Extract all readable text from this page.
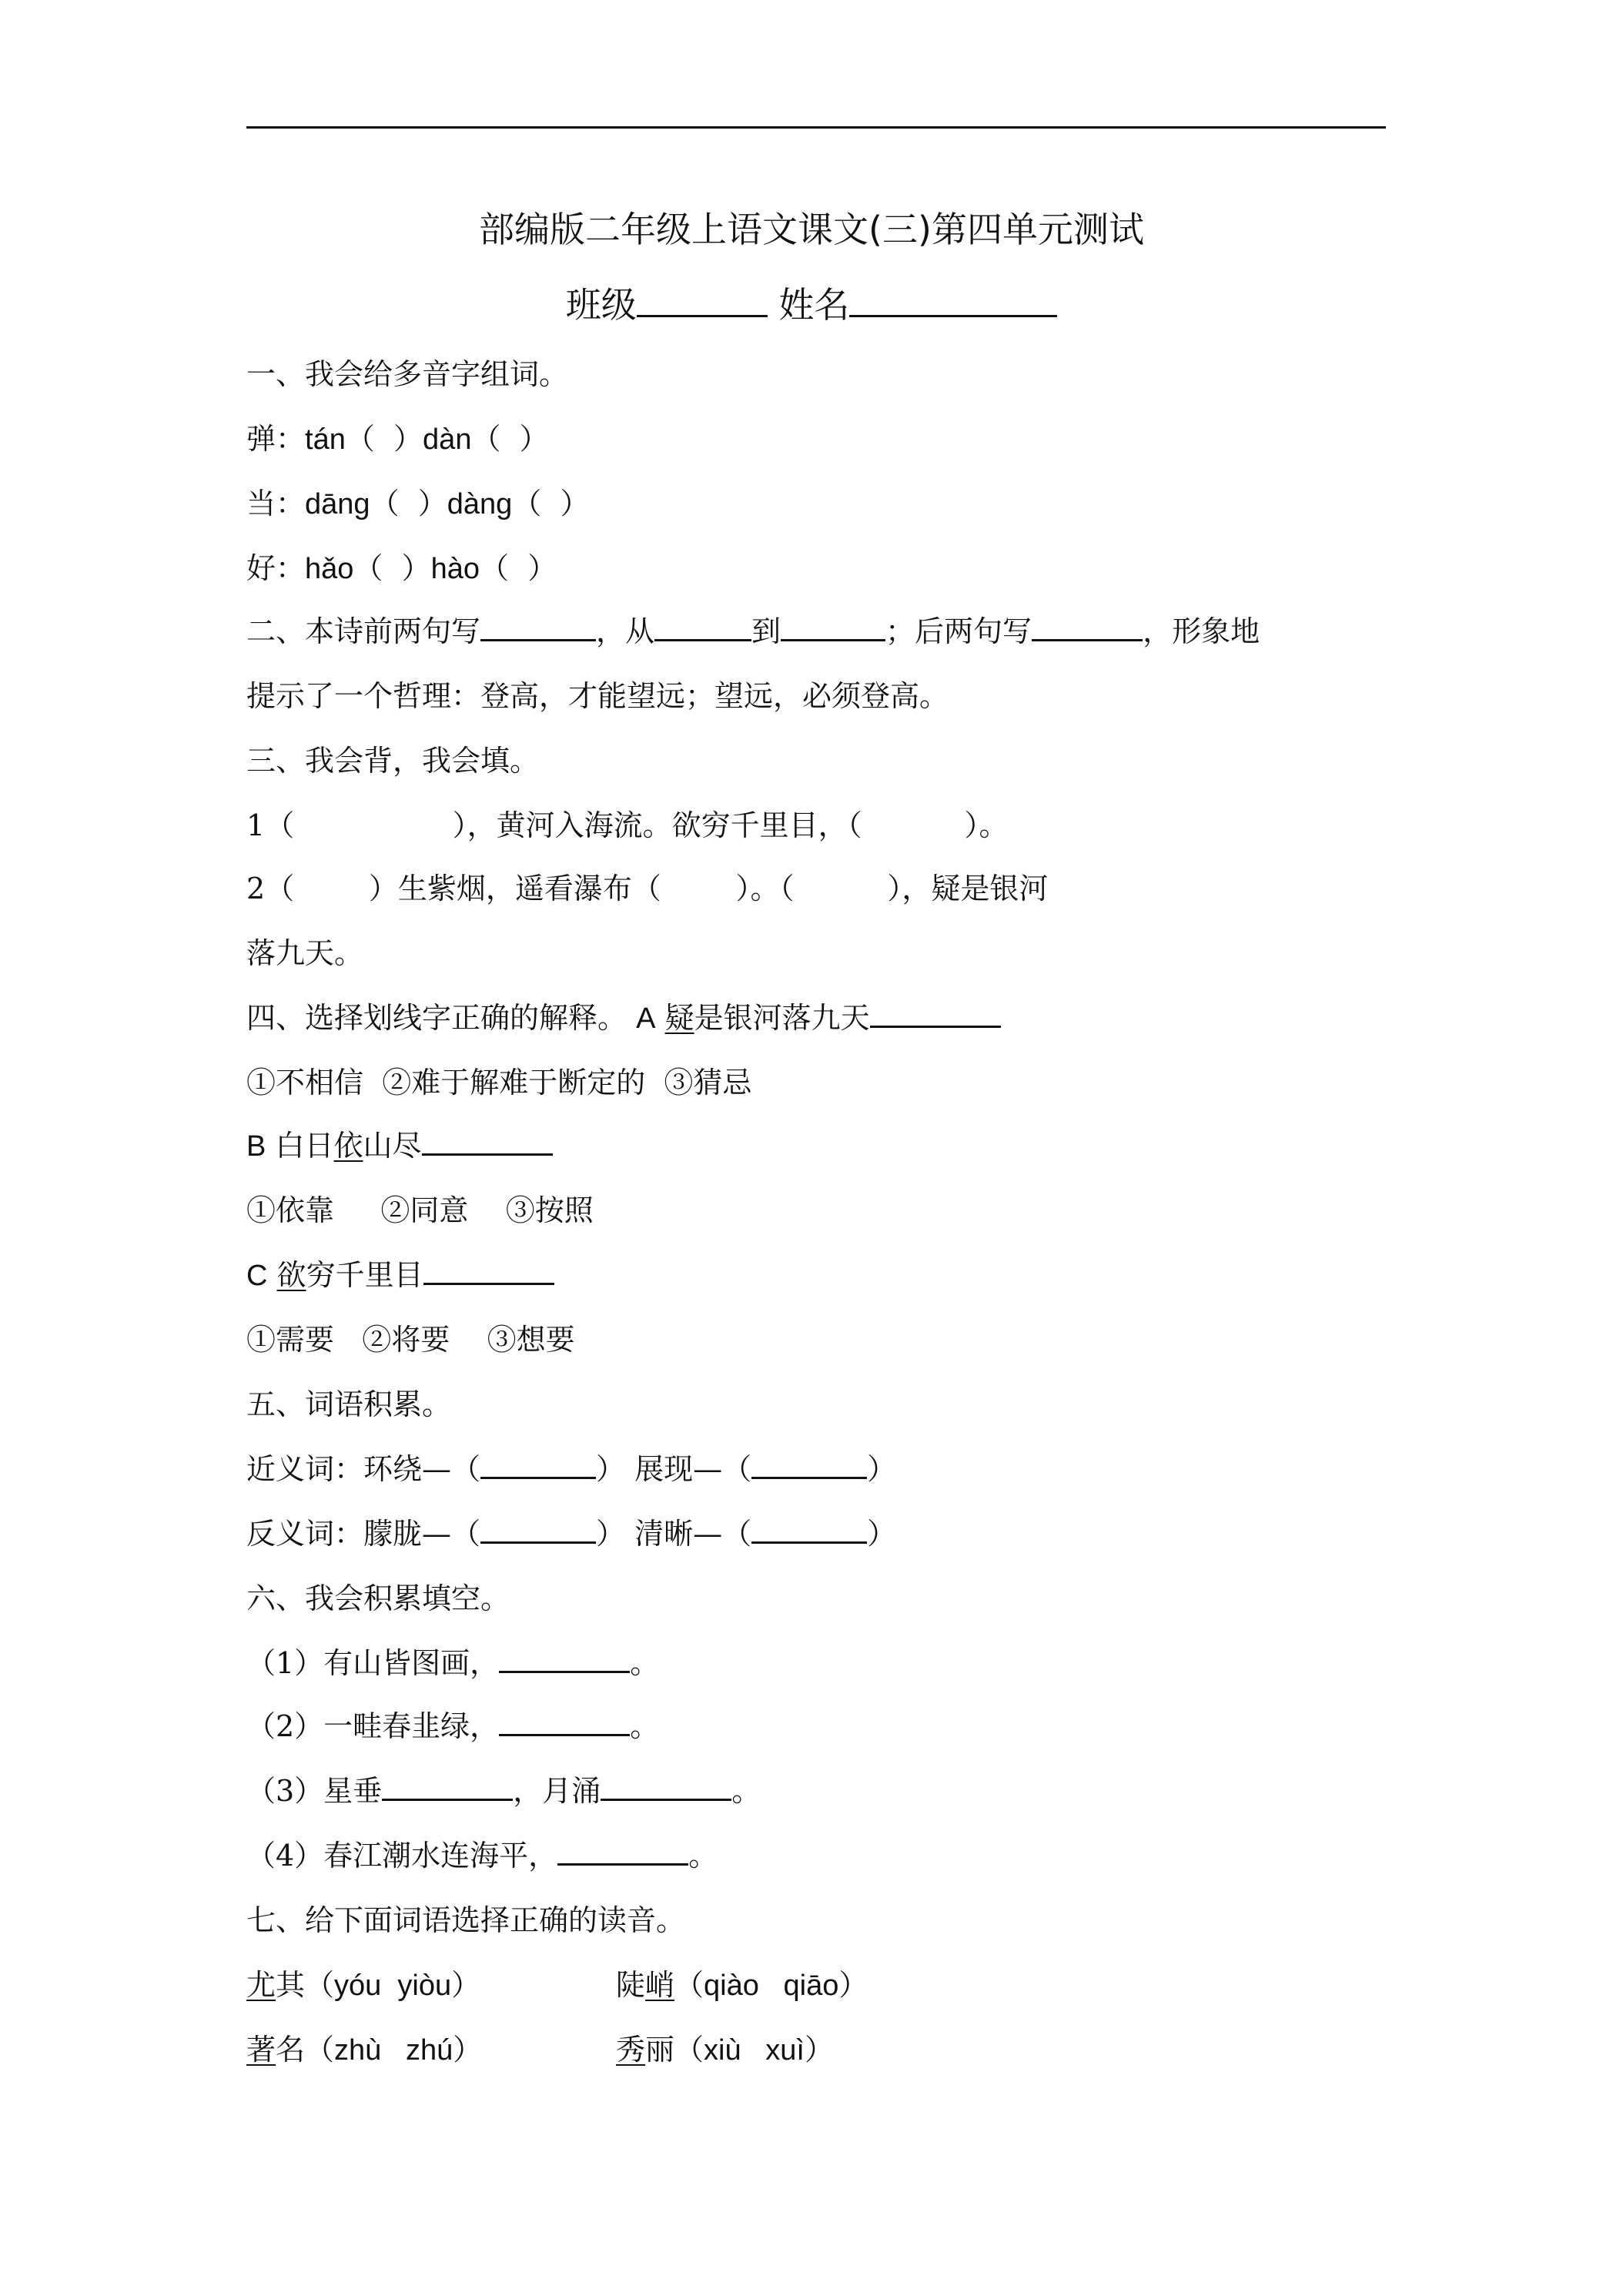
部编版二年级上语文课文(三)第四单元测试
班级	姓名
一、我会给多音字组词。
弹：tán（ ）dàn（ ）
当：dāng（ ）dàng（ ）
好：hǎo（ ）hào（ ）
二、本诗前两句写	，从	到	；后两句写	，形象地
提示了一个哲理：登高，才能望远；望远，必须登高。
三、我会背，我会填。
1（	），黄河入海流。欲穷千里目，（	）。
2（	）生紫烟，遥看瀑布（	）。（	），疑是银河
落九天。
四、选择划线字正确的解释。 A 疑是银河落九天
①不相信 ②难于解难于断定的 ③猜忌
B 白日依山尽
①依靠 ②同意 ③按照
C 欲穷千里目
①需要 ②将要 ③想要
五、词语积累。
近义词：环绕—（	） 展现—（	）
反义词：朦胧—（	） 清晰—（	）
六、我会积累填空。
（1）有山皆图画，	。
（2）一畦春韭绿，	。
（3）星垂	，月涌	。
（4）春江潮水连海平，	。
七、给下面词语选择正确的读音。
尤其（yóu  yiòu）	陡峭（qiào   qiāo）
著名（zhù   zhú）	秀丽（xiù   xuì）
